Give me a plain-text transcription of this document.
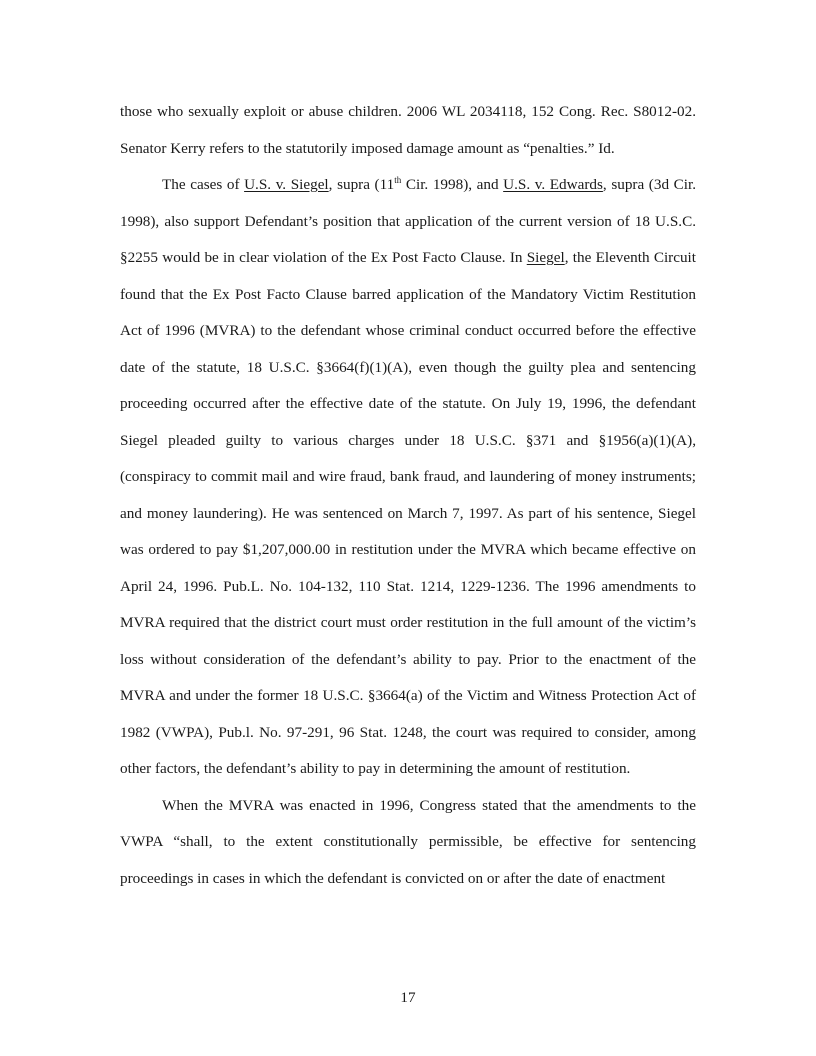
those who sexually exploit or abuse children. 2006 WL 2034118, 152 Cong. Rec. S8012-02. Senator Kerry refers to the statutorily imposed damage amount as “penalties.” Id.

The cases of U.S. v. Siegel, supra (11th Cir. 1998), and U.S. v. Edwards, supra (3d Cir. 1998), also support Defendant’s position that application of the current version of 18 U.S.C. §2255 would be in clear violation of the Ex Post Facto Clause. In Siegel, the Eleventh Circuit found that the Ex Post Facto Clause barred application of the Mandatory Victim Restitution Act of 1996 (MVRA) to the defendant whose criminal conduct occurred before the effective date of the statute, 18 U.S.C. §3664(f)(1)(A), even though the guilty plea and sentencing proceeding occurred after the effective date of the statute. On July 19, 1996, the defendant Siegel pleaded guilty to various charges under 18 U.S.C. §371 and §1956(a)(1)(A), (conspiracy to commit mail and wire fraud, bank fraud, and laundering of money instruments; and money laundering). He was sentenced on March 7, 1997. As part of his sentence, Siegel was ordered to pay $1,207,000.00 in restitution under the MVRA which became effective on April 24, 1996. Pub.L. No. 104-132, 110 Stat. 1214, 1229-1236. The 1996 amendments to MVRA required that the district court must order restitution in the full amount of the victim’s loss without consideration of the defendant’s ability to pay. Prior to the enactment of the MVRA and under the former 18 U.S.C. §3664(a) of the Victim and Witness Protection Act of 1982 (VWPA), Pub.l. No. 97-291, 96 Stat. 1248, the court was required to consider, among other factors, the defendant’s ability to pay in determining the amount of restitution.

When the MVRA was enacted in 1996, Congress stated that the amendments to the VWPA “shall, to the extent constitutionally permissible, be effective for sentencing proceedings in cases in which the defendant is convicted on or after the date of enactment

17
